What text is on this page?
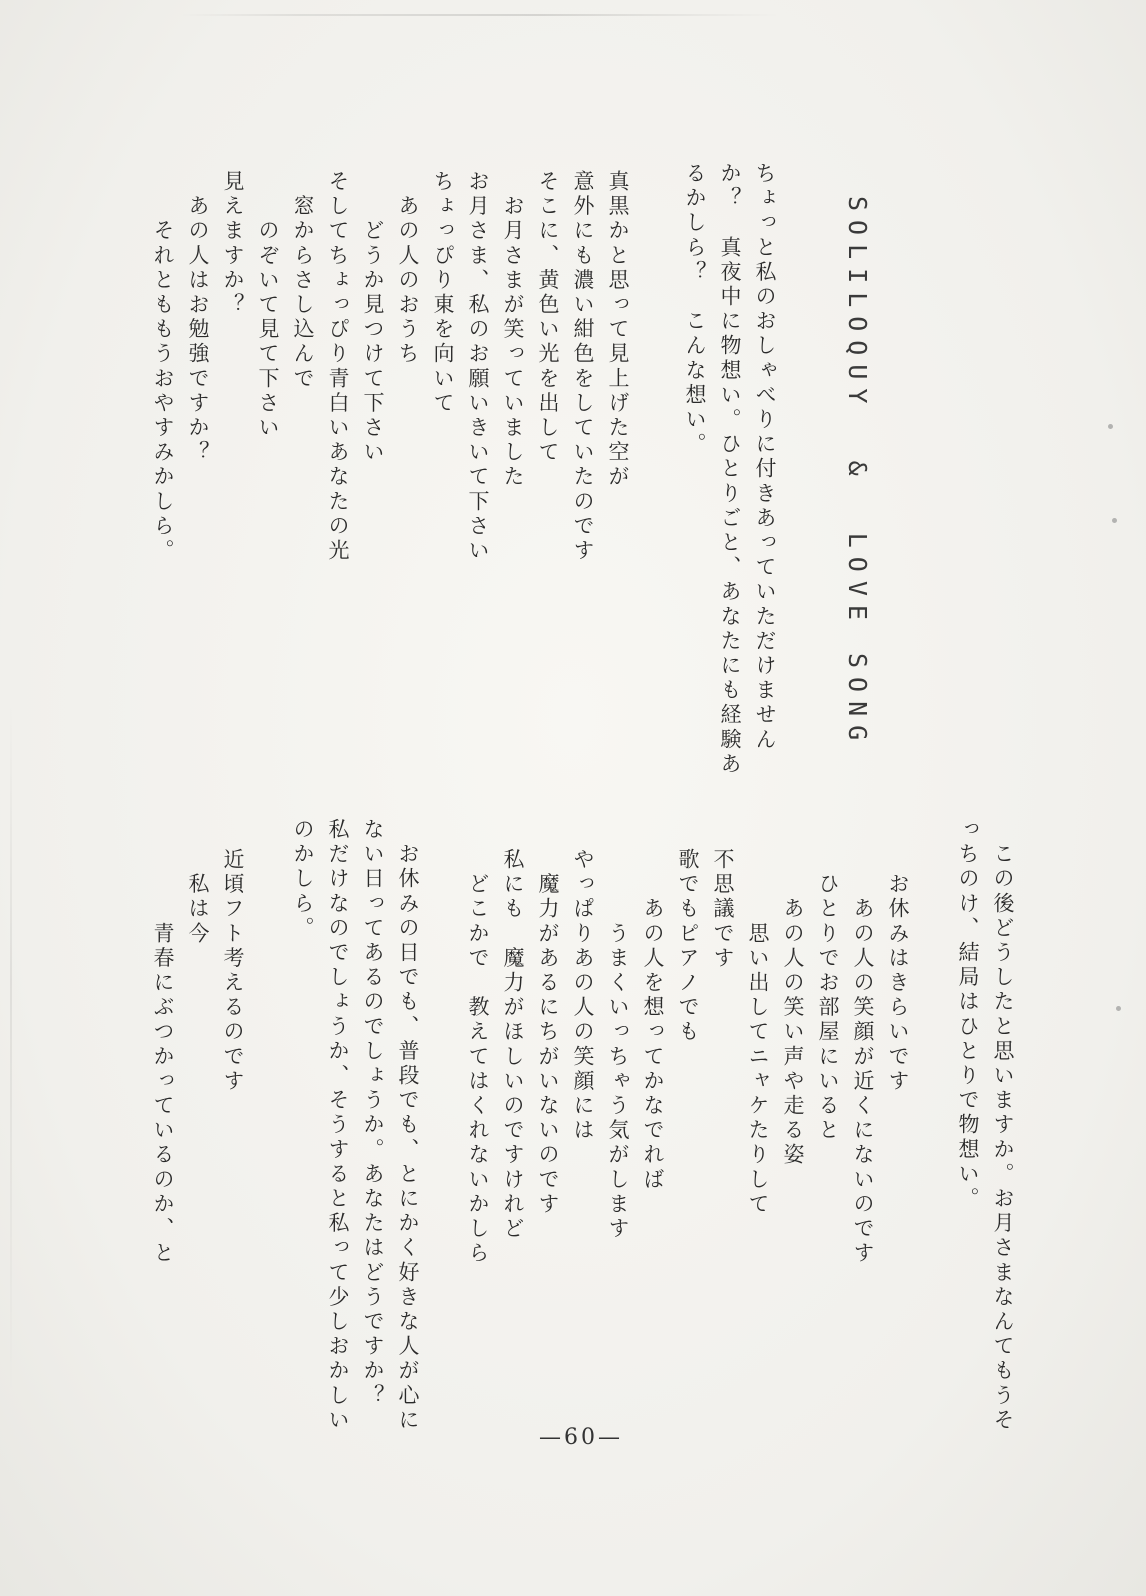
SOLILOQUY  &  LOVE SONG
ちょっと私のおしゃべりに付きあっていただけません
か？　真夜中に物想い。ひとりごと、あなたにも経験あ
るかしら？　こんな想い。
真黒かと思って見上げた空が
意外にも濃い紺色をしていたのです
そこに、黄色い光を出して
　お月さまが笑っていました
お月さま、私のお願いきいて下さい
ちょっぴり東を向いて
　あの人のおうち
　　どうか見つけて下さい
そしてちょっぴり青白いあなたの光
　窓からさし込んで
　　のぞいて見て下さい
見えますか？
　あの人はお勉強ですか？
　　それとももうおやすみかしら。
　この後どうしたと思いますか。お月さまなんてもうそ
っちのけ、結局はひとりで物想い。
　お休みはきらいです
　　あの人の笑顔が近くにないのです
　ひとりでお部屋にいると
　　あの人の笑い声や走る姿
　　　思い出してニャケたりして
不思議です
歌でもピアノでも
　　あの人を想ってかなでれば
　　　うまくいっちゃう気がします
やっぱりあの人の笑顔には
　魔力があるにちがいないのです
私にも　魔力がほしいのですけれど
　どこかで　教えてはくれないかしら
　お休みの日でも、普段でも、とにかく好きな人が心に
ない日ってあるのでしょうか。あなたはどうですか？
私だけなのでしょうか、そうすると私って少しおかしい
のかしら。
近頃フト考えるのです
　私は今
　　　青春にぶつかっているのか、と
—60—
